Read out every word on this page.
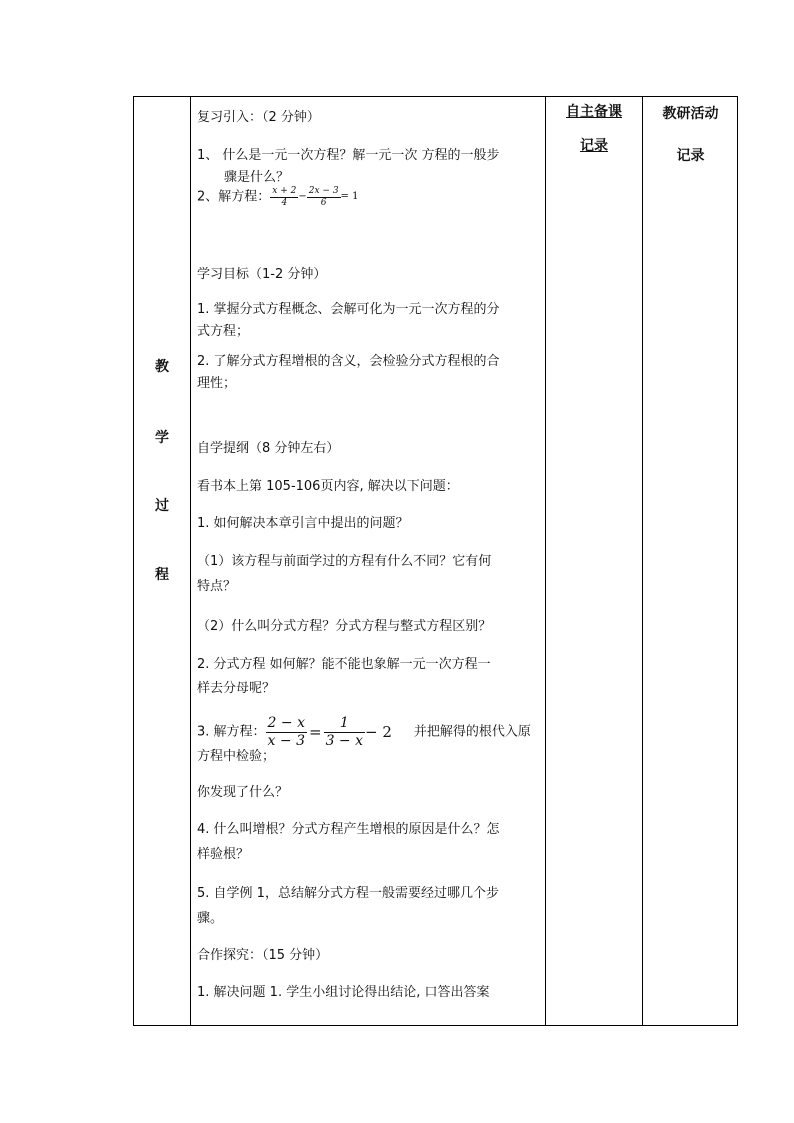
教
学
过
程
自主备课
记录
教研活动
记录
复习引入：（2 分钟）
1、 什么是一元一次方程？解一元一次 方程的一般步
骤是什么？
2、解方程： $\frac{x + 2}{4} - \frac{2x - 3}{6} = 1$
学习目标（1-2 分钟）
1. 掌握分式方程概念、会解可化为一元一次方程的分
式方程；
2. 了解分式方程增根的含义，会检验分式方程根的合
理性；
自学提纲（8 分钟左右）
看书本上第 105-106页内容, 解决以下问题：
1. 如何解决本章引言中提出的问题？
（1）该方程与前面学过的方程有什么不同？它有何
特点？
（2）什么叫分式方程？分式方程与整式方程区别？
2. 分式方程 如何解？能不能也象解一元一次方程一
样去分母呢？
3. 解方程： $\frac{2 - x}{x - 3} = \frac{1}{3 - x} - 2$ 并把解得的根代入原
方程中检验；
你发现了什么？
4. 什么叫增根？分式方程产生增根的原因是什么？怎
样验根？
5. 自学例 1，总结解分式方程一般需要经过哪几个步
骤。
合作探究：（15 分钟）
1. 解决问题 1. 学生小组讨论得出结论, 口答出答案
